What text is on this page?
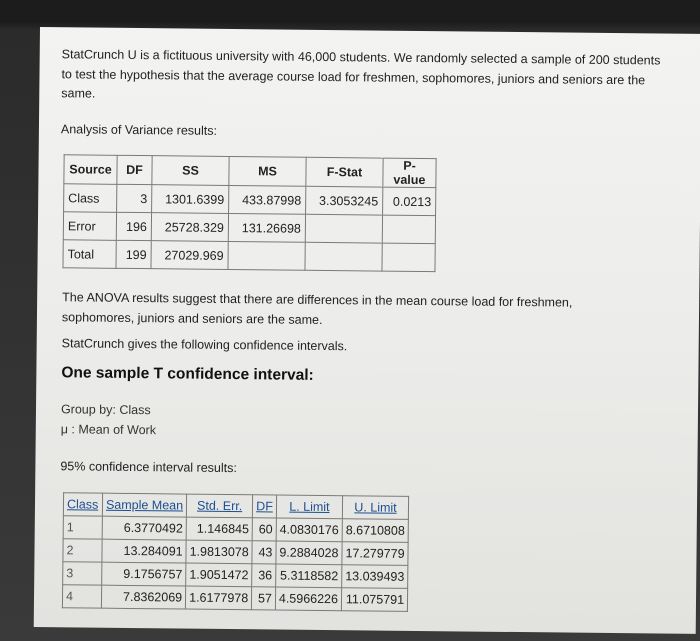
StatCrunch U is a fictituous university with 46,000 students. We randomly selected a sample of 200 students to test the hypothesis that the average course load for freshmen, sophomores, juniors and seniors are the same.
Analysis of Variance results:
Source	DF	SS	MS	F-Stat	P-value
Class	3	1301.6399	433.87998	3.3053245	0.0213
Error	196	25728.329	131.26698		
Total	199	27029.969			
The ANOVA results suggest that there are differences in the mean course load for freshmen, sophomores, juniors and seniors are the same.
StatCrunch gives the following confidence intervals.
One sample T confidence interval:
Group by: Class
μ : Mean of Work
95% confidence interval results:
Class	Sample Mean	Std. Err.	DF	L. Limit	U. Limit
1	6.3770492	1.146845	60	4.0830176	8.6710808
2	13.284091	1.9813078	43	9.2884028	17.279779
3	9.1756757	1.9051472	36	5.3118582	13.039493
4	7.8362069	1.6177978	57	4.5966226	11.075791
